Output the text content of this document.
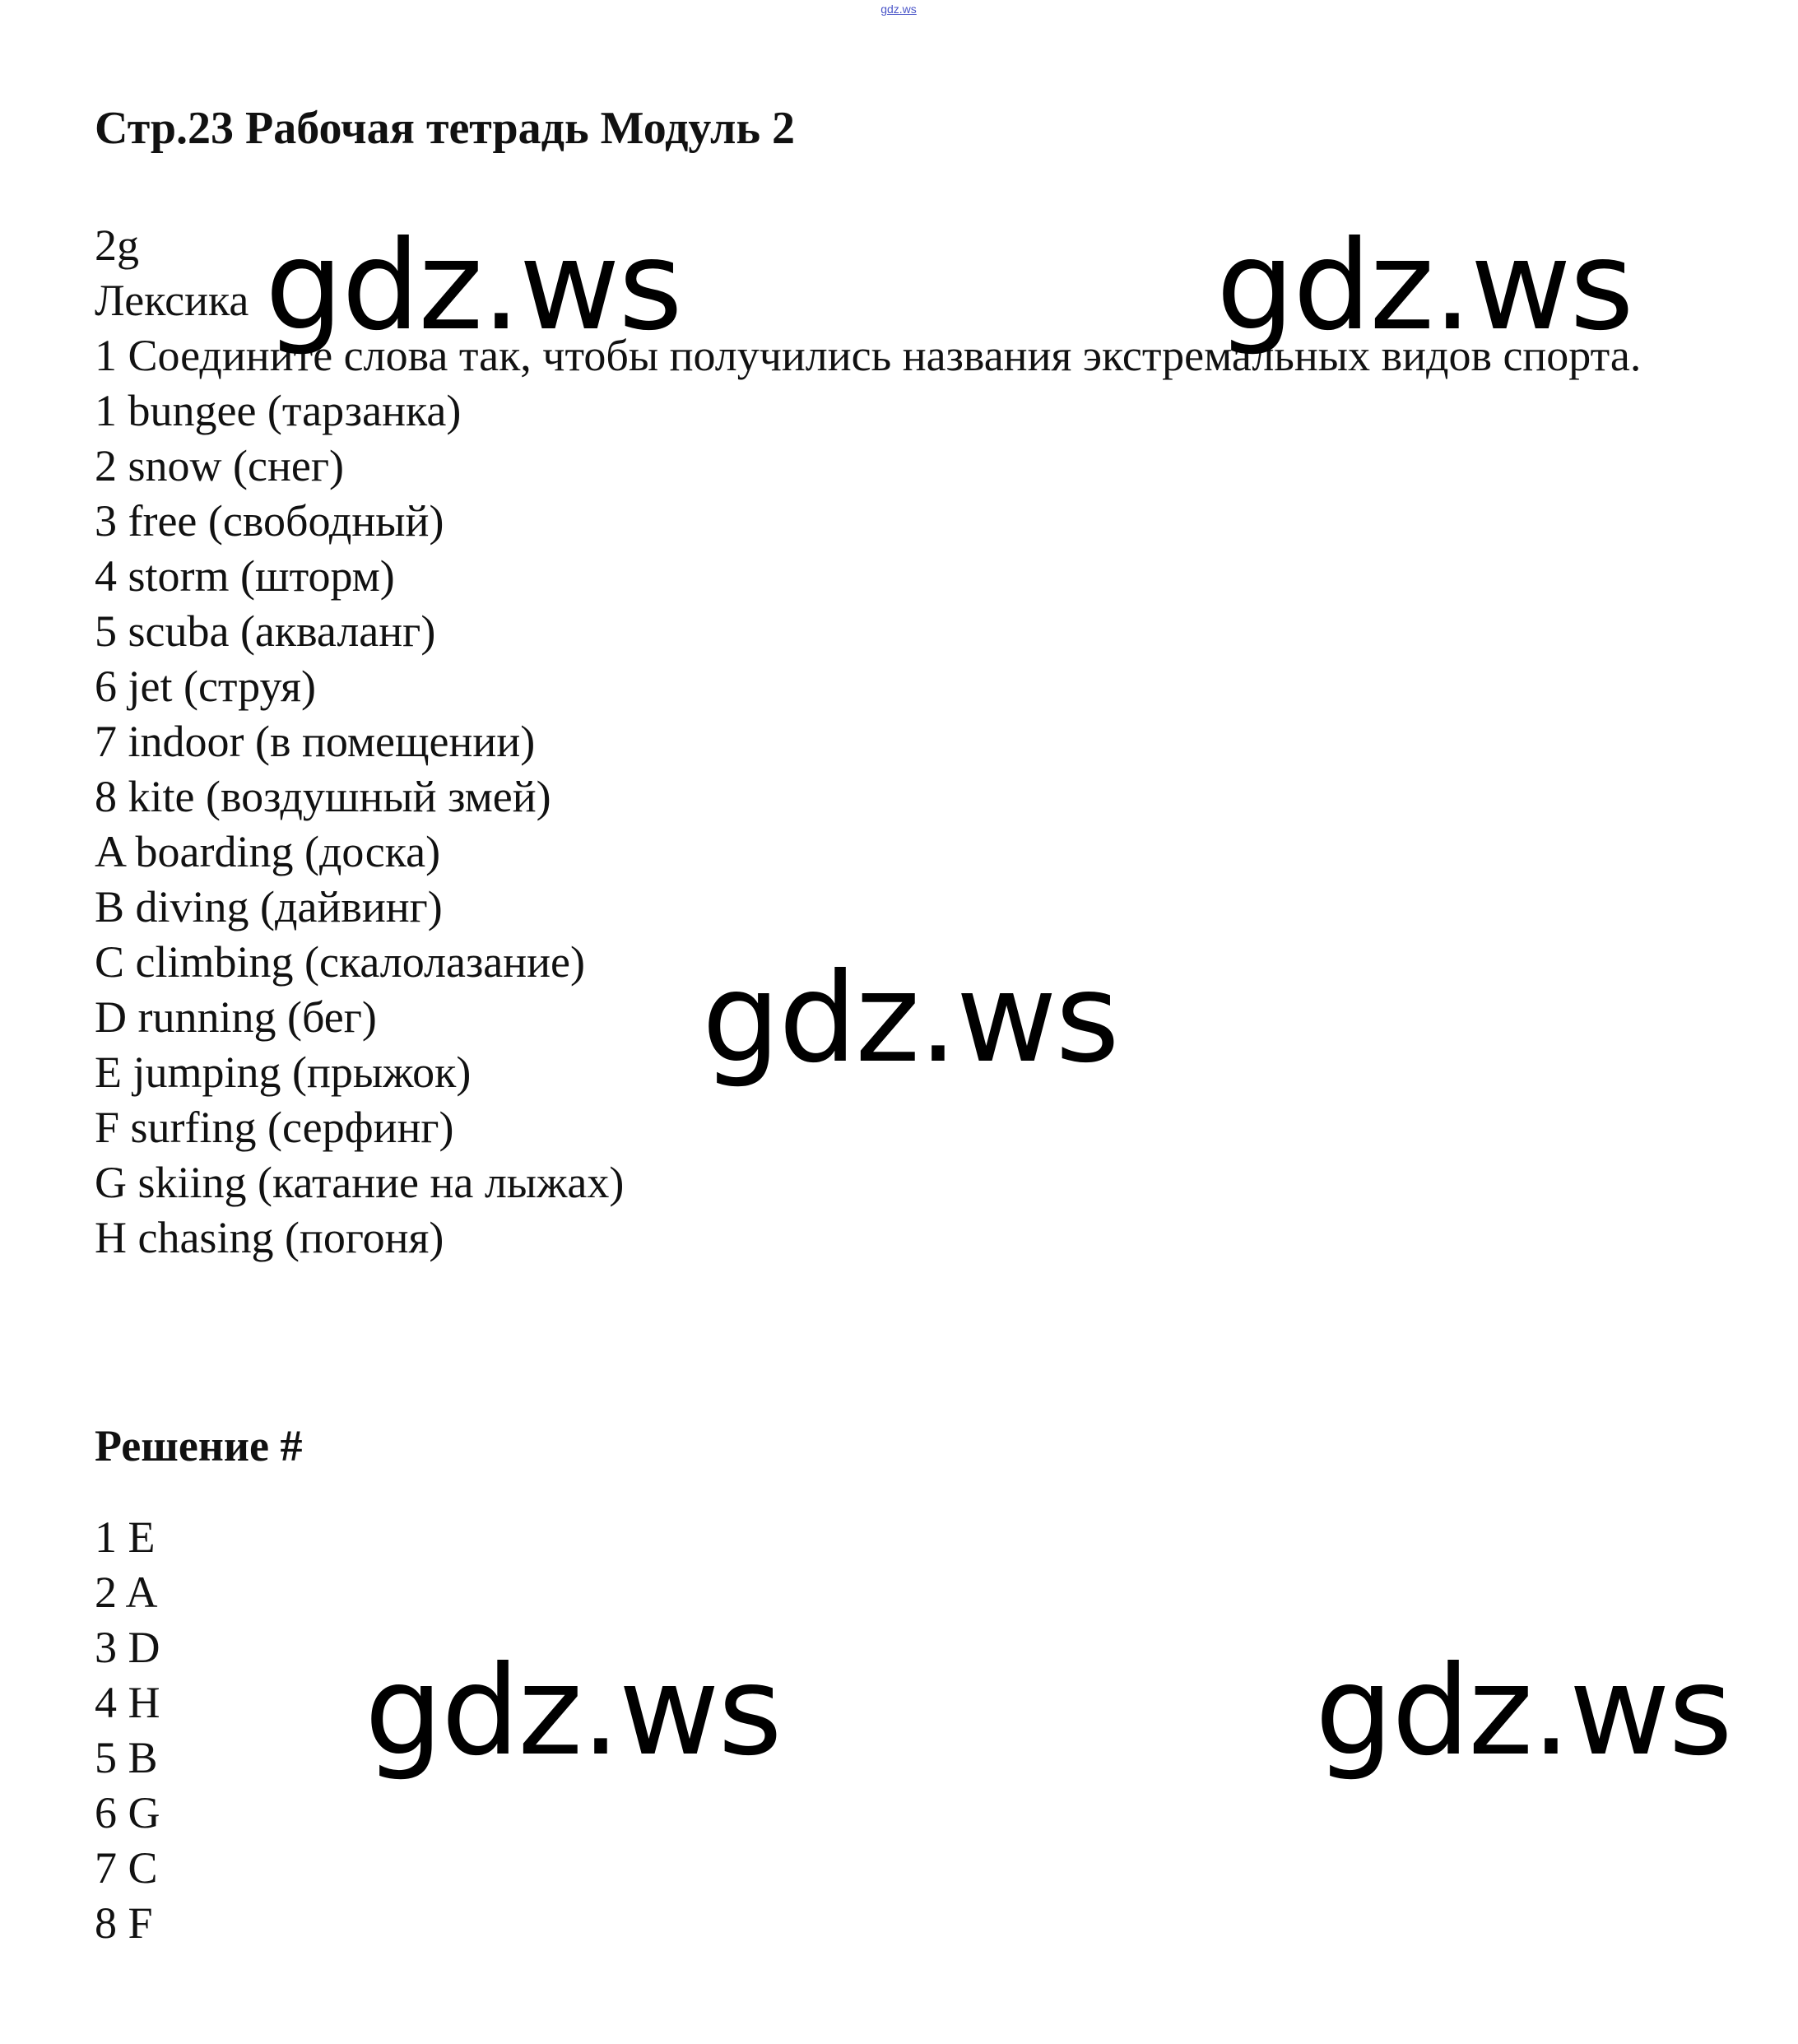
gdz.ws
Стр.23 Рабочая тетрадь Модуль 2
2g
Лексика
1 Соедините слова так, чтобы получились названия экстремальных видов спорта.
1 bungee (тарзанка)
2 snow (снег)
3 free (свободный)
4 storm (шторм)
5 scuba (акваланг)
6 jet (струя)
7 indoor (в помещении)
8 kite (воздушный змей)
A boarding (доска)
B diving (дайвинг)
C climbing (скалолазание)
D running (бег)
E jumping (прыжок)
F surfing (серфинг)
G skiing (катание на лыжах)
H chasing (погоня)
Решение #
1 E
2 A
3 D
4 H
5 B
6 G
7 C
8 F
gdz.ws	gdz.ws
gdz.ws
gdz.ws	gdz.ws
